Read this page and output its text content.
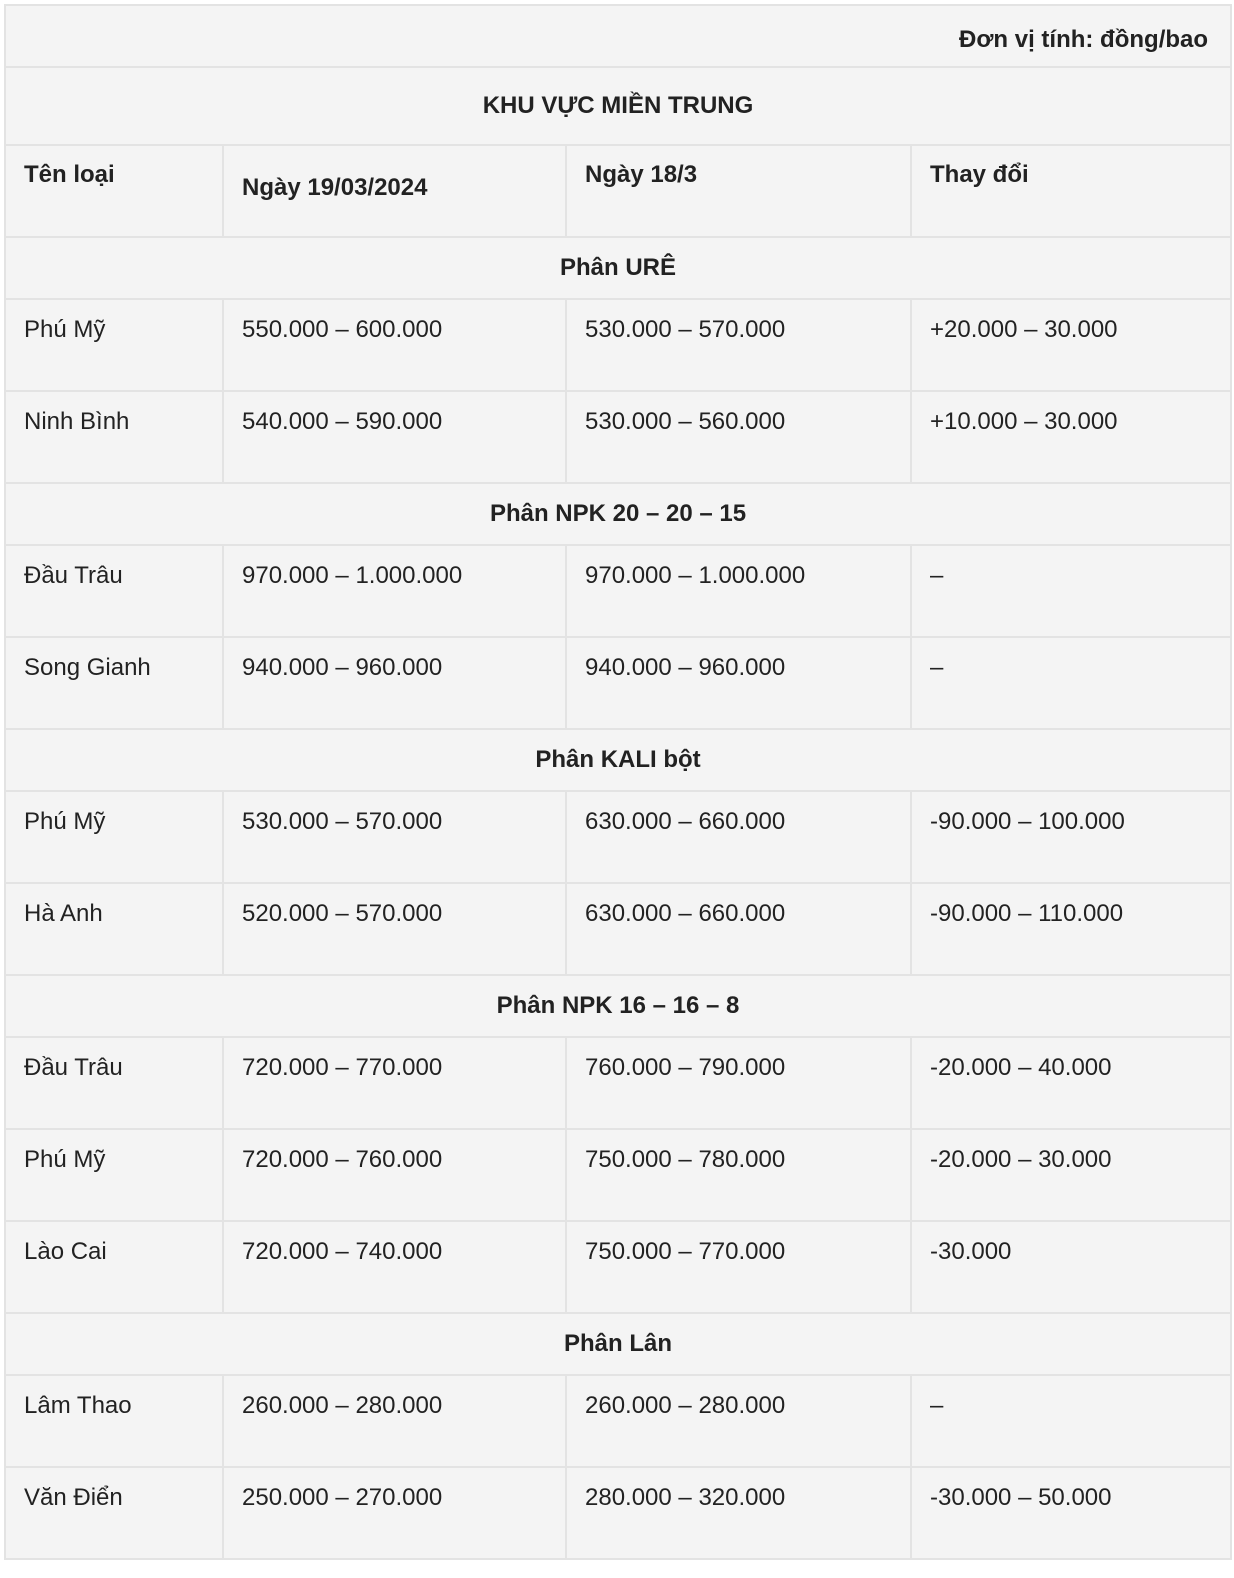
Đơn vị tính: đồng/bao			
KHU VỰC MIỀN TRUNG			
Tên loại	Ngày 19/03/2024	Ngày 18/3	Thay đổi
Phân URÊ			
Phú Mỹ	550.000 – 600.000	530.000 – 570.000	+20.000 – 30.000
Ninh Bình	540.000 – 590.000	530.000 – 560.000	+10.000 – 30.000
Phân NPK 20 – 20 – 15			
Đầu Trâu	970.000 – 1.000.000	970.000 – 1.000.000	–
Song Gianh	940.000 – 960.000	940.000 – 960.000	–
Phân KALI bột			
Phú Mỹ	530.000 – 570.000	630.000 – 660.000	-90.000 – 100.000
Hà Anh	520.000 – 570.000	630.000 – 660.000	-90.000 – 110.000
Phân NPK 16 – 16 – 8			
Đầu Trâu	720.000 – 770.000	760.000 – 790.000	-20.000 – 40.000
Phú Mỹ	720.000 – 760.000	750.000 – 780.000	-20.000 – 30.000
Lào Cai	720.000 – 740.000	750.000 – 770.000	-30.000
Phân Lân			
Lâm Thao	260.000 – 280.000	260.000 – 280.000	–
Văn Điển	250.000 – 270.000	280.000 – 320.000	-30.000 – 50.000
